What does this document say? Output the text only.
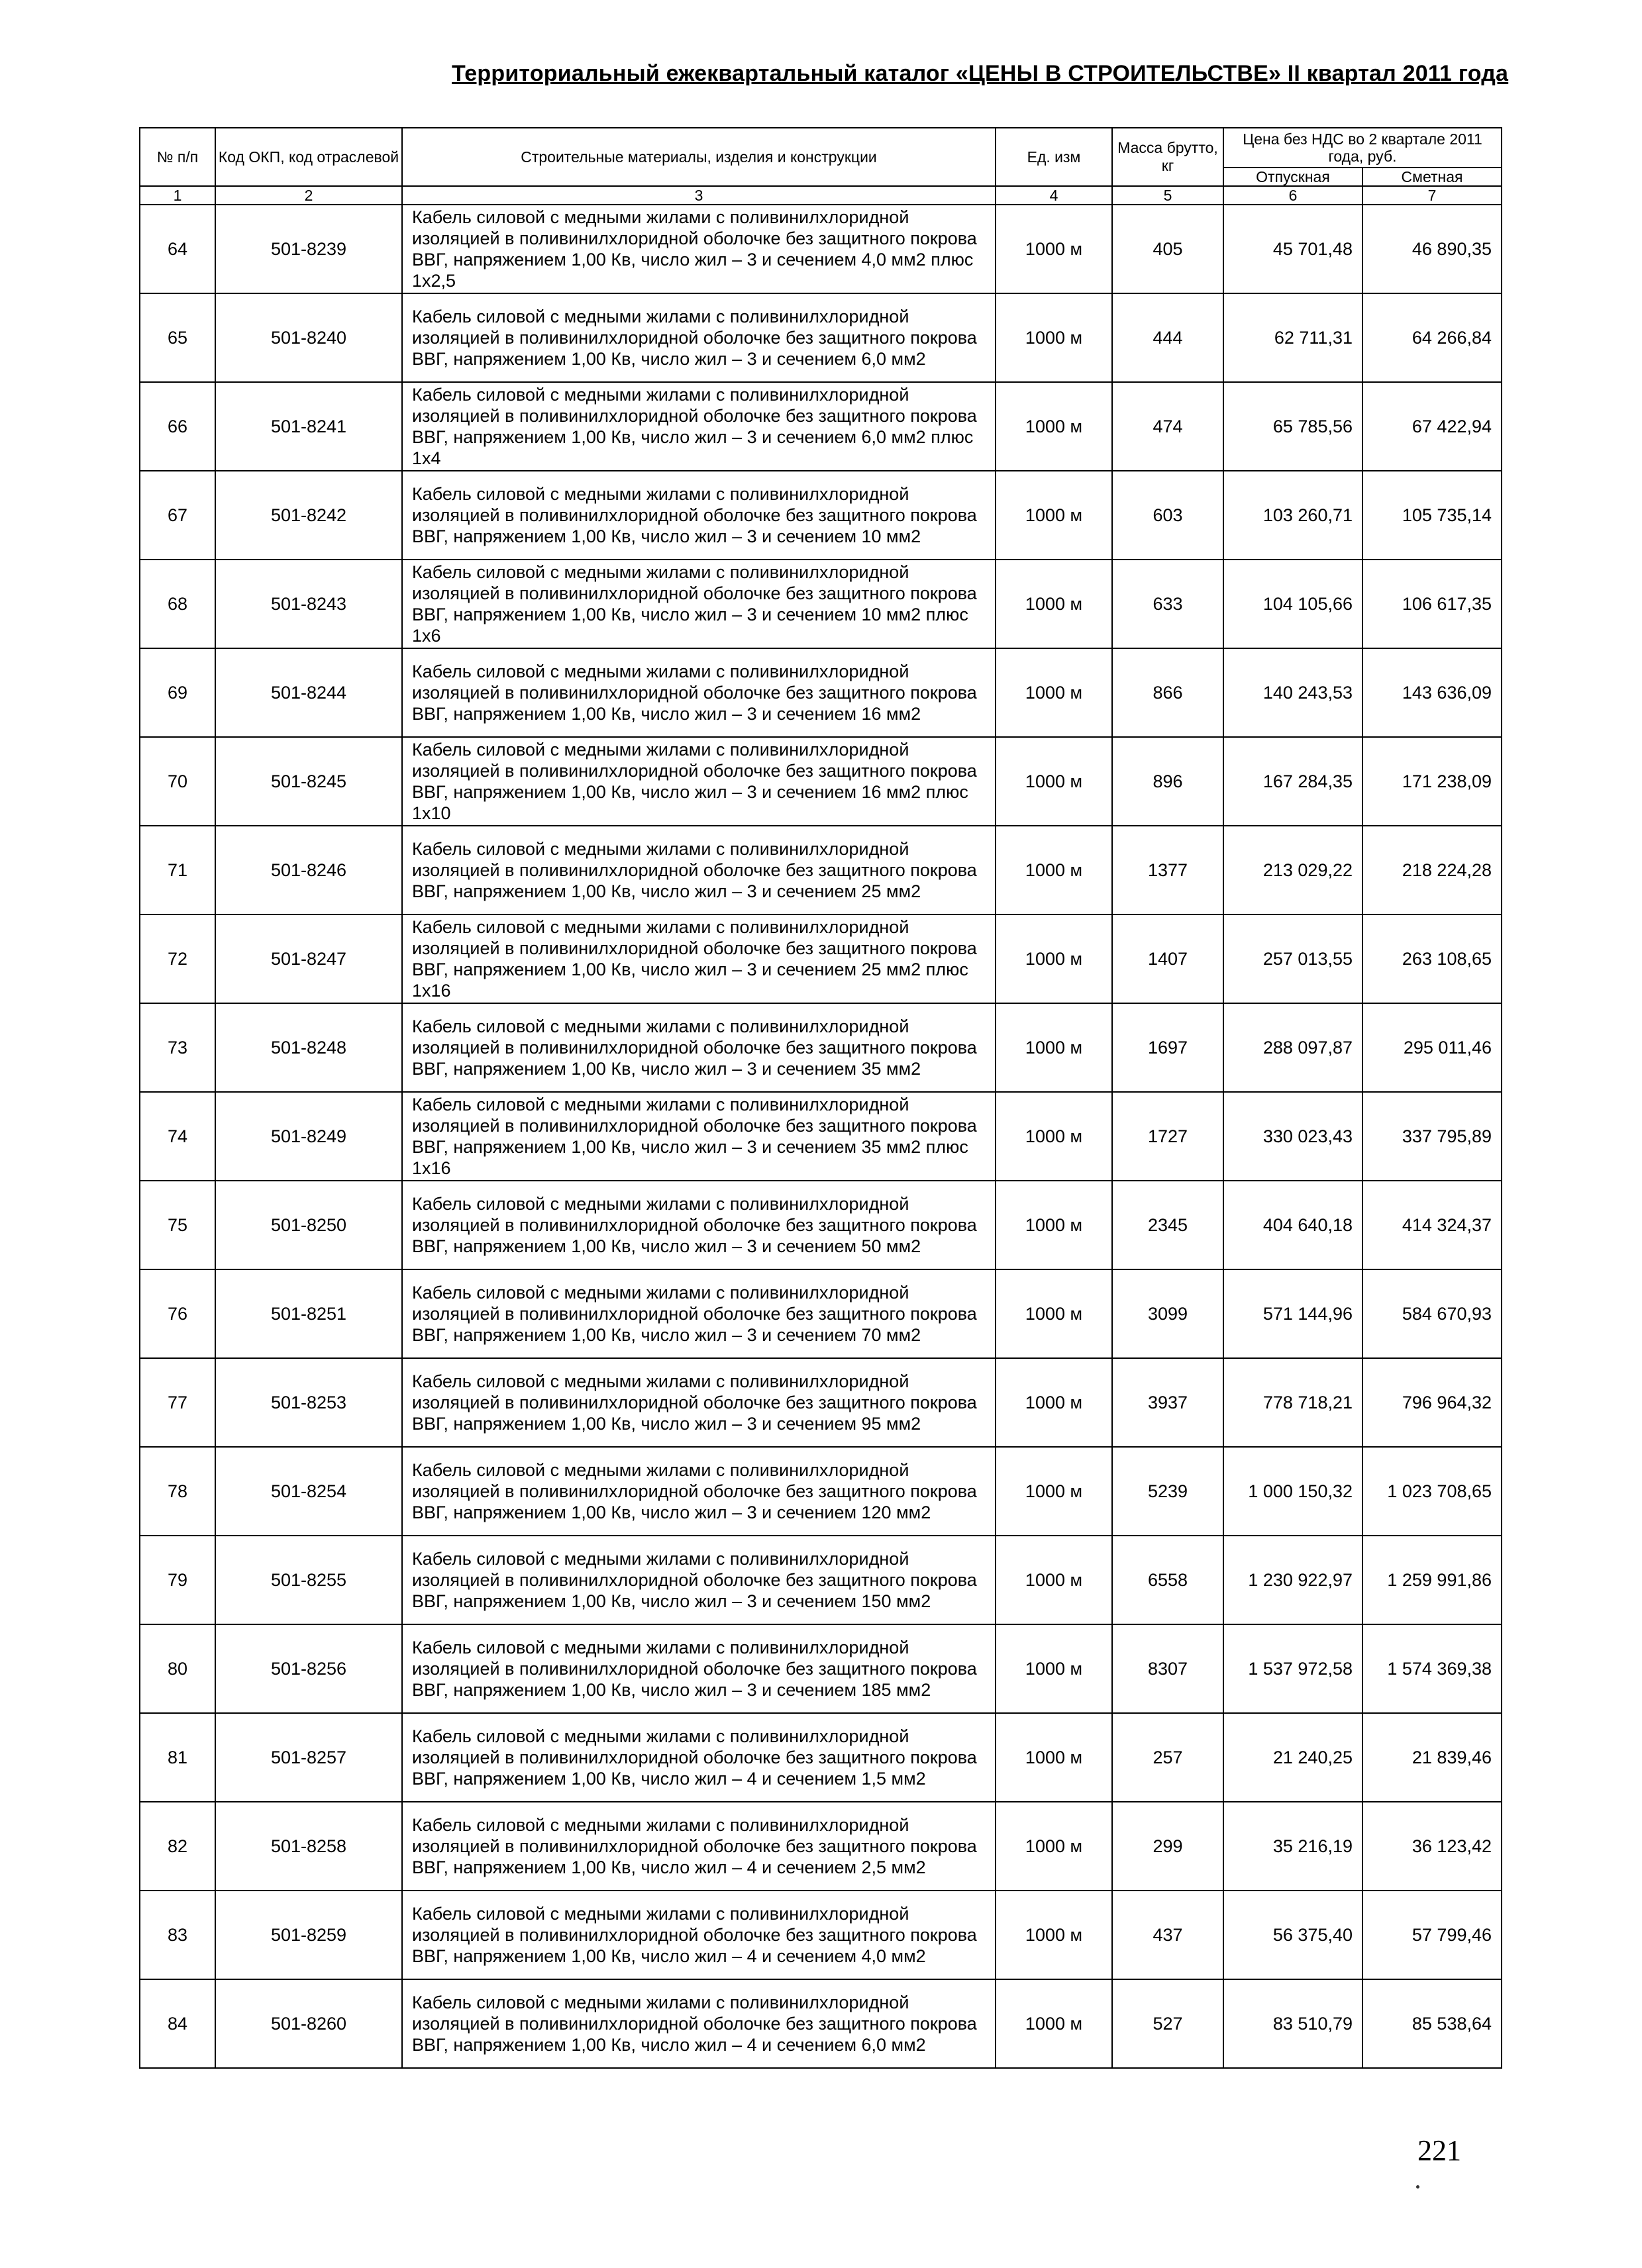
Территориальный ежеквартальный каталог «ЦЕНЫ В СТРОИТЕЛЬСТВЕ» II квартал 2011 года
№ п/п	Код ОКП, код отраслевой	Строительные материалы, изделия и конструкции	Ед. изм	Масса брутто, кг	Цена без НДС во 2 квартале 2011 года, руб.	
					Отпускная	Сметная
1	2	3	4	5	6	7
64	501-8239	Кабель силовой с медными жилами с поливинилхлоридной изоляцией в поливинилхлоридной оболочке без защитного покрова ВВГ, напряжением 1,00 Кв, число жил – 3 и сечением 4,0 мм2 плюс 1х2,5	1000 м	405	45 701,48	46 890,35
65	501-8240	Кабель силовой с медными жилами с поливинилхлоридной изоляцией в поливинилхлоридной оболочке без защитного покрова ВВГ, напряжением 1,00 Кв, число жил – 3 и сечением 6,0 мм2	1000 м	444	62 711,31	64 266,84
66	501-8241	Кабель силовой с медными жилами с поливинилхлоридной изоляцией в поливинилхлоридной оболочке без защитного покрова ВВГ, напряжением 1,00 Кв, число жил – 3 и сечением 6,0 мм2 плюс 1х4	1000 м	474	65 785,56	67 422,94
67	501-8242	Кабель силовой с медными жилами с поливинилхлоридной изоляцией в поливинилхлоридной оболочке без защитного покрова ВВГ, напряжением 1,00 Кв, число жил – 3 и сечением 10 мм2	1000 м	603	103 260,71	105 735,14
68	501-8243	Кабель силовой с медными жилами с поливинилхлоридной изоляцией в поливинилхлоридной оболочке без защитного покрова ВВГ, напряжением 1,00 Кв, число жил – 3 и сечением 10 мм2 плюс 1х6	1000 м	633	104 105,66	106 617,35
69	501-8244	Кабель силовой с медными жилами с поливинилхлоридной изоляцией в поливинилхлоридной оболочке без защитного покрова ВВГ, напряжением 1,00 Кв, число жил – 3 и сечением 16 мм2	1000 м	866	140 243,53	143 636,09
70	501-8245	Кабель силовой с медными жилами с поливинилхлоридной изоляцией в поливинилхлоридной оболочке без защитного покрова ВВГ, напряжением 1,00 Кв, число жил – 3 и сечением 16 мм2 плюс 1х10	1000 м	896	167 284,35	171 238,09
71	501-8246	Кабель силовой с медными жилами с поливинилхлоридной изоляцией в поливинилхлоридной оболочке без защитного покрова ВВГ, напряжением 1,00 Кв, число жил – 3 и сечением 25 мм2	1000 м	1377	213 029,22	218 224,28
72	501-8247	Кабель силовой с медными жилами с поливинилхлоридной изоляцией в поливинилхлоридной оболочке без защитного покрова ВВГ, напряжением 1,00 Кв, число жил – 3 и сечением 25 мм2 плюс 1х16	1000 м	1407	257 013,55	263 108,65
73	501-8248	Кабель силовой с медными жилами с поливинилхлоридной изоляцией в поливинилхлоридной оболочке без защитного покрова ВВГ, напряжением 1,00 Кв, число жил – 3 и сечением 35 мм2	1000 м	1697	288 097,87	295 011,46
74	501-8249	Кабель силовой с медными жилами с поливинилхлоридной изоляцией в поливинилхлоридной оболочке без защитного покрова ВВГ, напряжением 1,00 Кв, число жил – 3 и сечением 35 мм2 плюс 1х16	1000 м	1727	330 023,43	337 795,89
75	501-8250	Кабель силовой с медными жилами с поливинилхлоридной изоляцией в поливинилхлоридной оболочке без защитного покрова ВВГ, напряжением 1,00 Кв, число жил – 3 и сечением 50 мм2	1000 м	2345	404 640,18	414 324,37
76	501-8251	Кабель силовой с медными жилами с поливинилхлоридной изоляцией в поливинилхлоридной оболочке без защитного покрова ВВГ, напряжением 1,00 Кв, число жил – 3 и сечением 70 мм2	1000 м	3099	571 144,96	584 670,93
77	501-8253	Кабель силовой с медными жилами с поливинилхлоридной изоляцией в поливинилхлоридной оболочке без защитного покрова ВВГ, напряжением 1,00 Кв, число жил – 3 и сечением 95 мм2	1000 м	3937	778 718,21	796 964,32
78	501-8254	Кабель силовой с медными жилами с поливинилхлоридной изоляцией в поливинилхлоридной оболочке без защитного покрова ВВГ, напряжением 1,00 Кв, число жил – 3 и сечением 120 мм2	1000 м	5239	1 000 150,32	1 023 708,65
79	501-8255	Кабель силовой с медными жилами с поливинилхлоридной изоляцией в поливинилхлоридной оболочке без защитного покрова ВВГ, напряжением 1,00 Кв, число жил – 3 и сечением 150 мм2	1000 м	6558	1 230 922,97	1 259 991,86
80	501-8256	Кабель силовой с медными жилами с поливинилхлоридной изоляцией в поливинилхлоридной оболочке без защитного покрова ВВГ, напряжением 1,00 Кв, число жил – 3 и сечением 185 мм2	1000 м	8307	1 537 972,58	1 574 369,38
81	501-8257	Кабель силовой с медными жилами с поливинилхлоридной изоляцией в поливинилхлоридной оболочке без защитного покрова ВВГ, напряжением 1,00 Кв, число жил – 4 и сечением 1,5 мм2	1000 м	257	21 240,25	21 839,46
82	501-8258	Кабель силовой с медными жилами с поливинилхлоридной изоляцией в поливинилхлоридной оболочке без защитного покрова ВВГ, напряжением 1,00 Кв, число жил – 4 и сечением 2,5 мм2	1000 м	299	35 216,19	36 123,42
83	501-8259	Кабель силовой с медными жилами с поливинилхлоридной изоляцией в поливинилхлоридной оболочке без защитного покрова ВВГ, напряжением 1,00 Кв, число жил – 4 и сечением 4,0 мм2	1000 м	437	56 375,40	57 799,46
84	501-8260	Кабель силовой с медными жилами с поливинилхлоридной изоляцией в поливинилхлоридной оболочке без защитного покрова ВВГ, напряжением 1,00 Кв, число жил – 4 и сечением 6,0 мм2	1000 м	527	83 510,79	85 538,64
221
